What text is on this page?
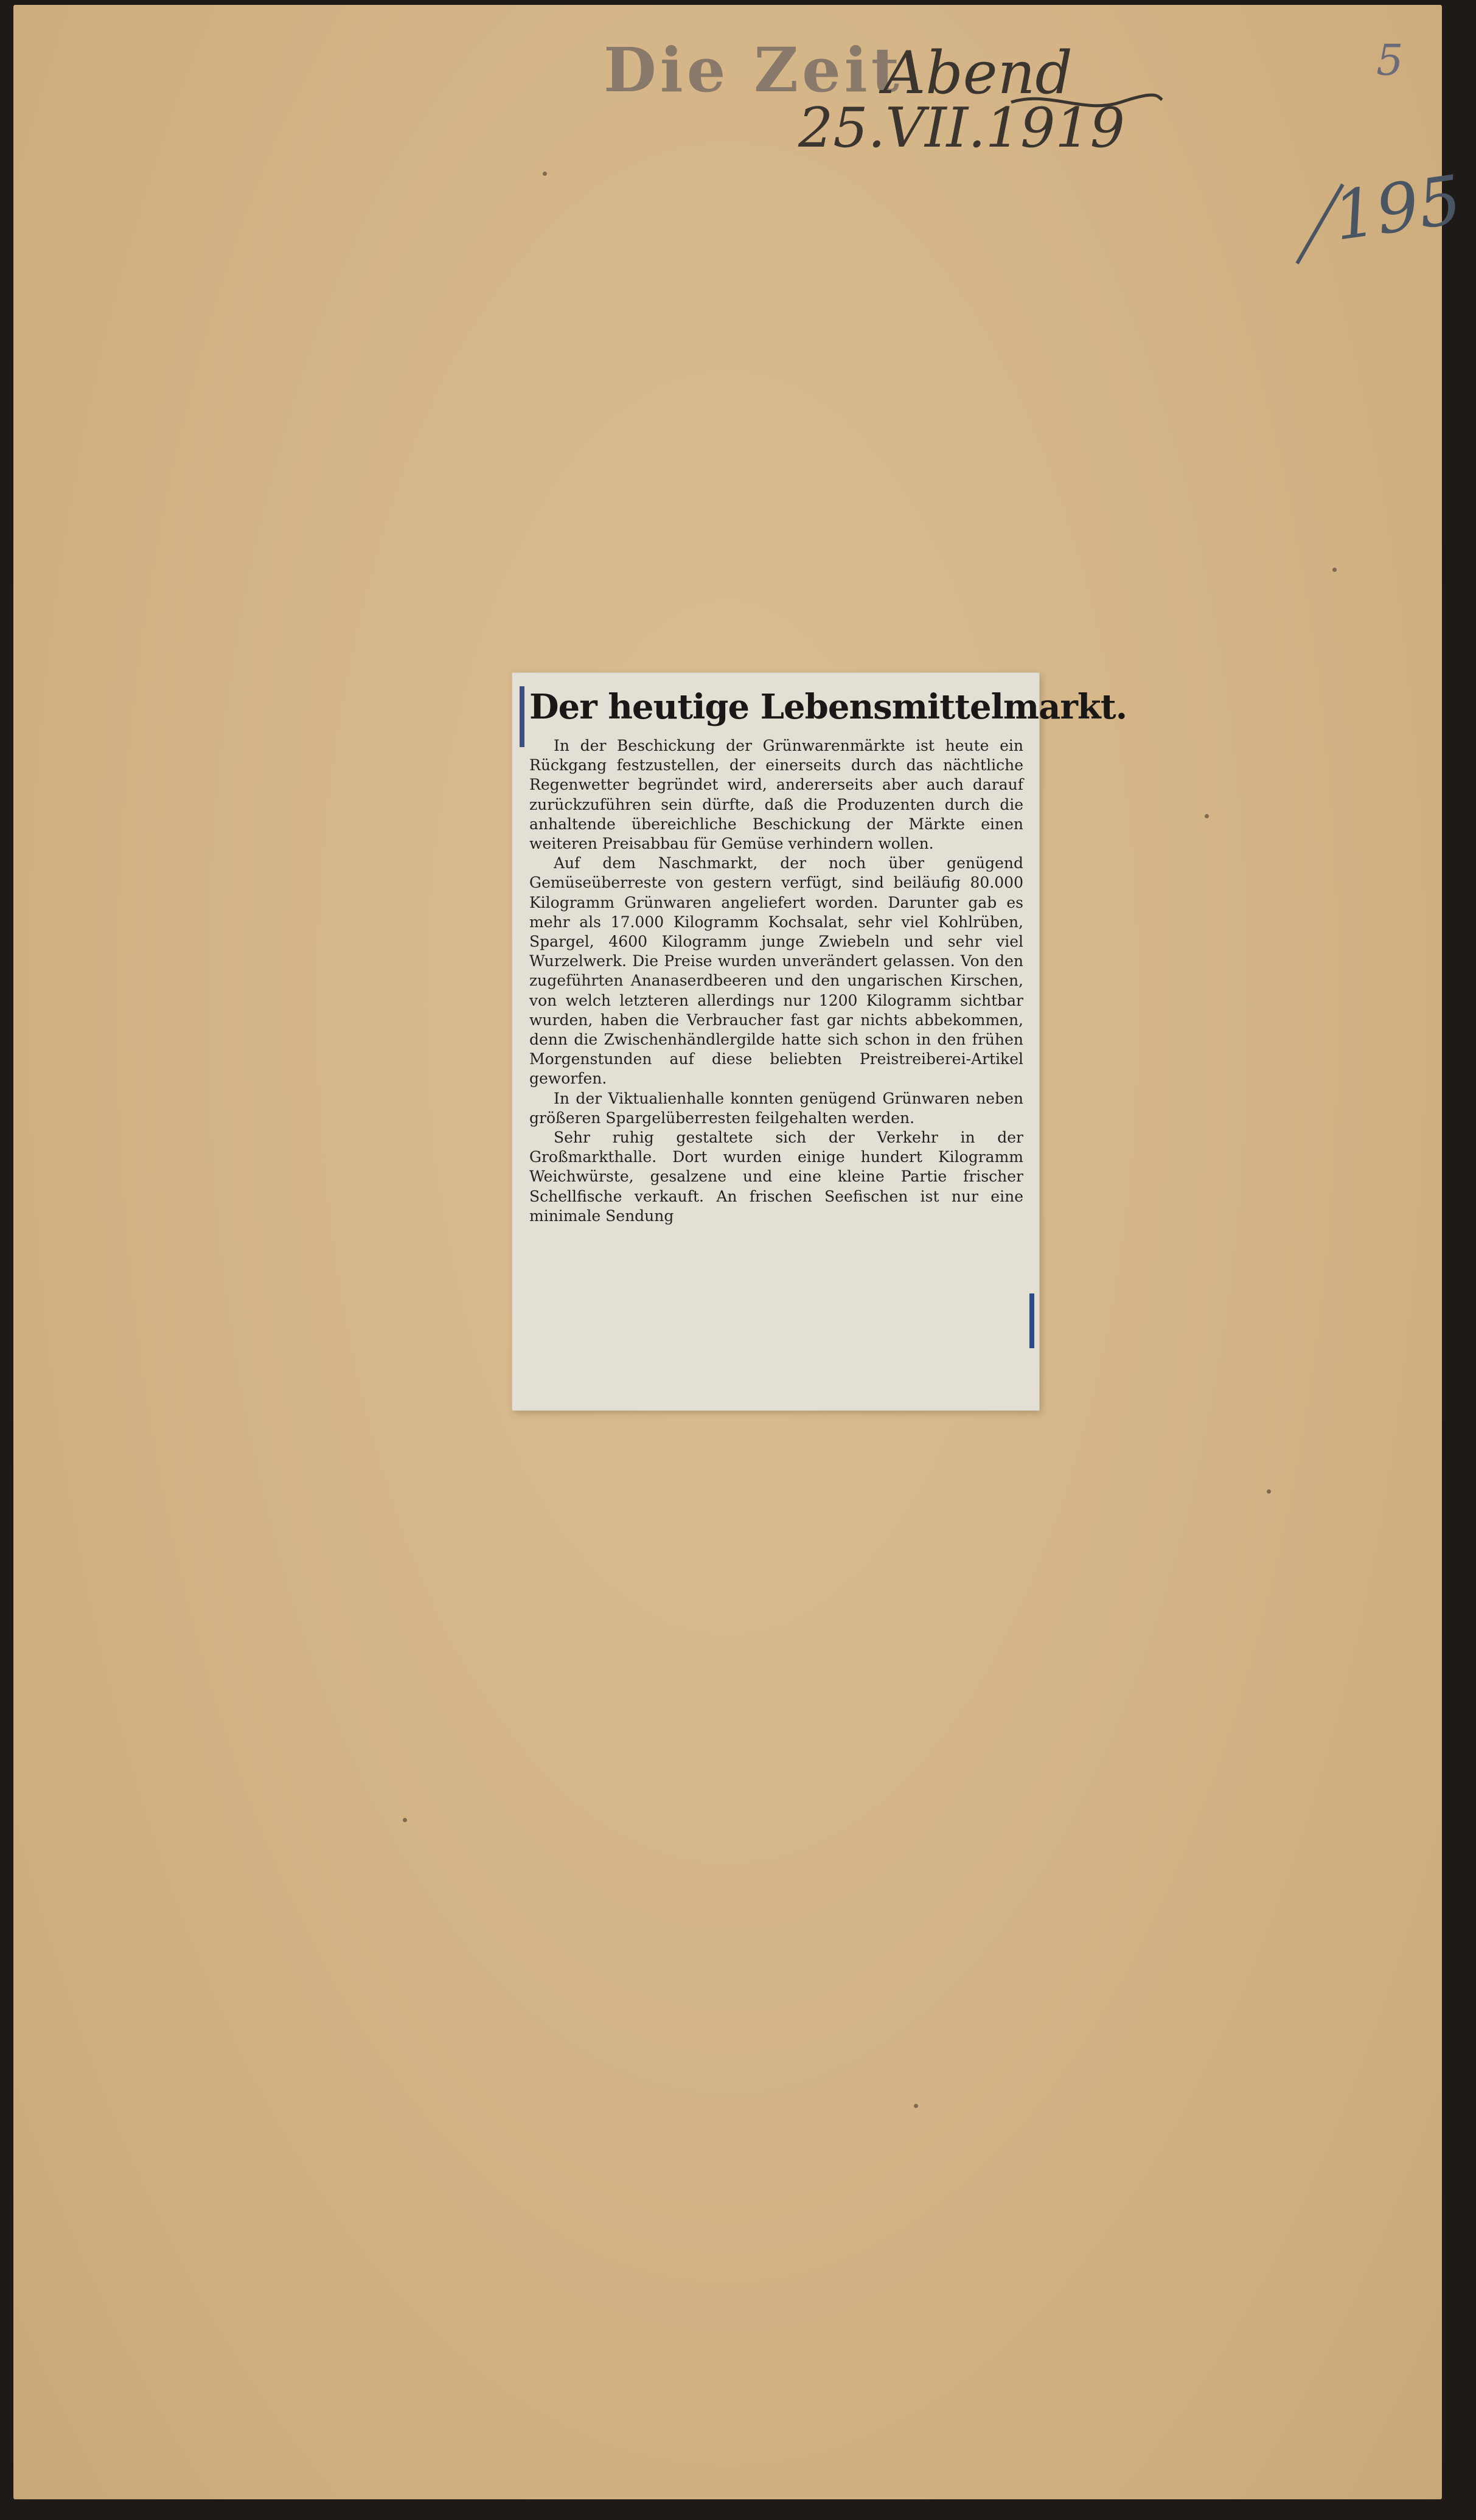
Die Zeit
Abend
25.VII.1919
5
195
Der heutige Lebensmittelmarkt.

In der Beschickung der Grünwarenmärkte ist heute ein Rückgang festzustellen, der einerseits durch das nächtliche Regenwetter begründet wird, andererseits aber auch darauf zurückzuführen sein dürfte, daß die Produzenten durch die anhaltende übereichliche Beschickung der Märkte einen weiteren Preisabbau für Gemüse verhindern wollen.

Auf dem Naschmarkt, der noch über genügend Gemüseüberreste von gestern verfügt, sind beiläufig 80.000 Kilogramm Grünwaren angeliefert worden. Darunter gab es mehr als 17.000 Kilogramm Kochsalat, sehr viel Kohlrüben, Spargel, 4600 Kilogramm junge Zwiebeln und sehr viel Wurzelwerk. Die Preise wurden unverändert gelassen. Von den zugeführten Ananaserdbeeren und den ungarischen Kirschen, von welch letzteren allerdings nur 1200 Kilogramm sichtbar wurden, haben die Verbraucher fast gar nichts abbekommen, denn die Zwischenhändlergilde hatte sich schon in den frühen Morgenstunden auf diese beliebten Preistreiberei-Artikel geworfen.

In der Viktualienhalle konnten genügend Grünwaren neben größeren Spargelüberresten feilgehalten werden.

Sehr ruhig gestaltete sich der Verkehr in der Großmarkthalle. Dort wurden einige hundert Kilogramm Weichwürste, gesalzene und eine kleine Partie frischer Schellfische verkauft. An frischen Seefischen ist nur eine minimale Sendung
